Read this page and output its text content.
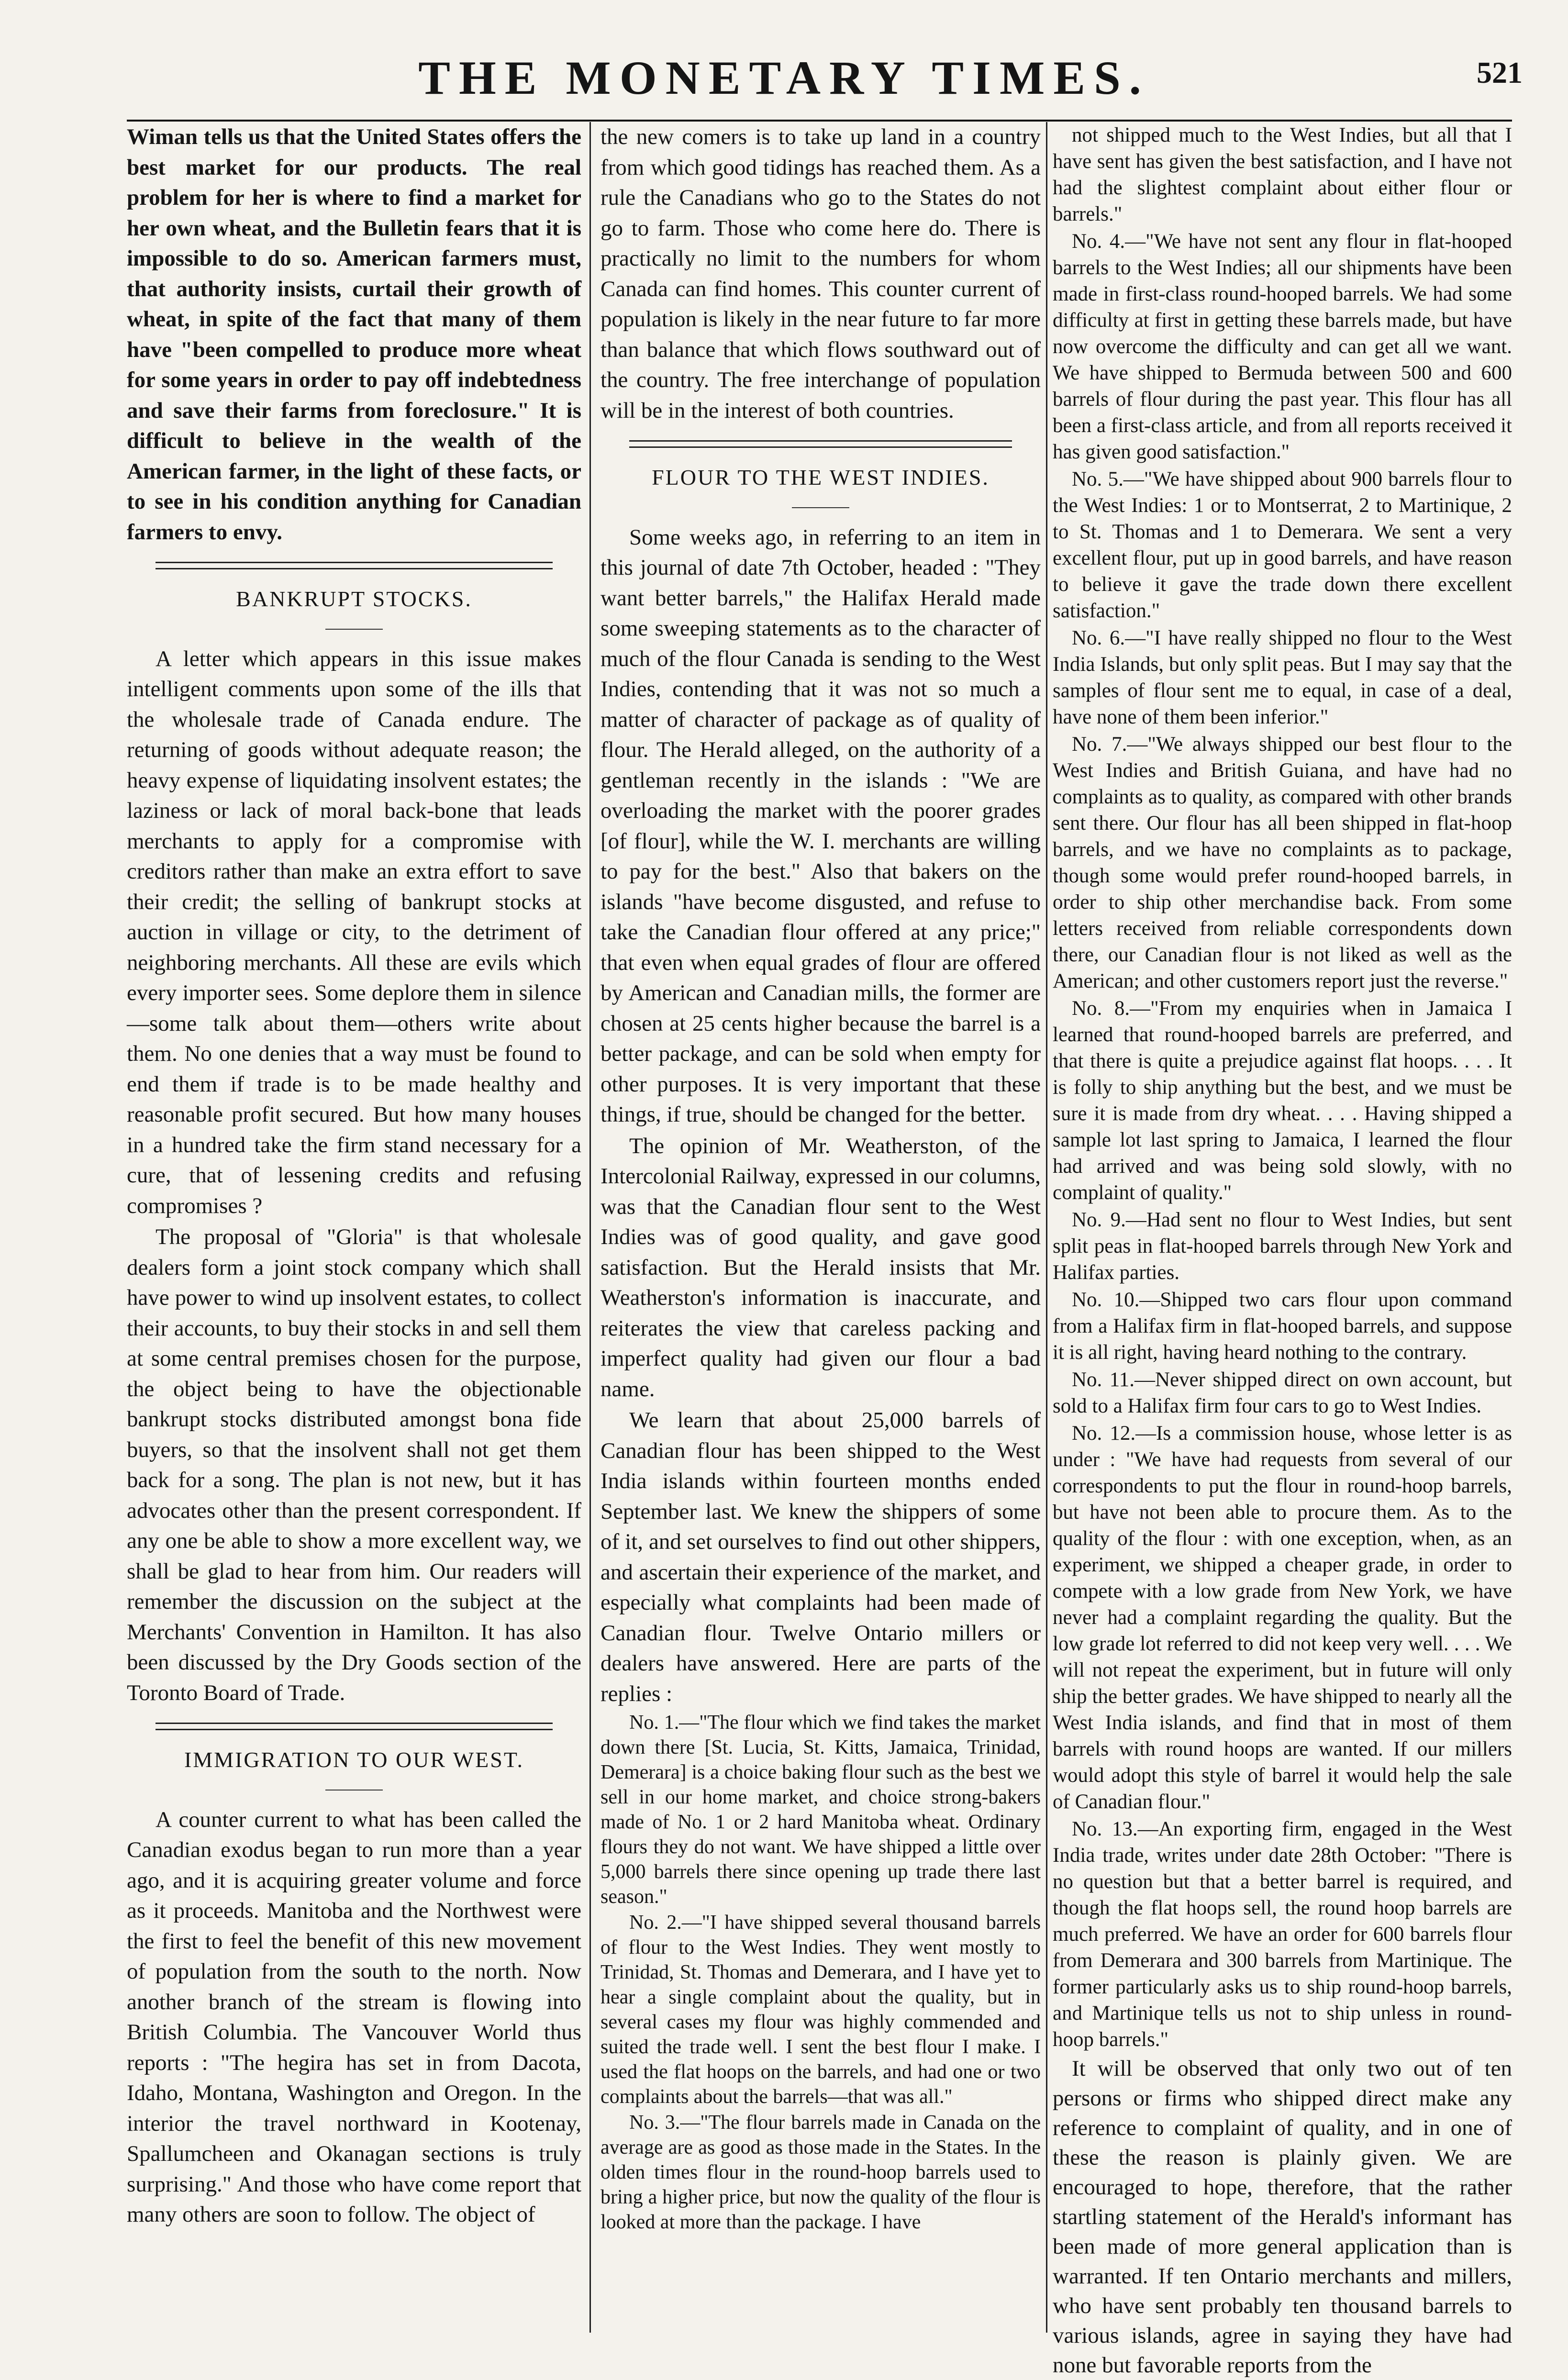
THE MONETARY TIMES.	521

Wiman tells us that the United States offers the best market for our products. The real problem for her is where to find a market for her own wheat, and the Bulletin fears that it is impossible to do so. American farmers must, that authority insists, curtail their growth of wheat, in spite of the fact that many of them have "been compelled to produce more wheat for some years in order to pay off indebtedness and save their farms from foreclosure." It is difficult to believe in the wealth of the American farmer, in the light of these facts, or to see in his condition anything for Canadian farmers to envy.

BANKRUPT STOCKS.

A letter which appears in this issue makes intelligent comments upon some of the ills that the wholesale trade of Canada endure. The returning of goods without adequate reason; the heavy expense of liquidating insolvent estates; the laziness or lack of moral back-bone that leads merchants to apply for a compromise with creditors rather than make an extra effort to save their credit; the selling of bankrupt stocks at auction in village or city, to the detriment of neighboring merchants. All these are evils which every importer sees. Some deplore them in silence—some talk about them—others write about them. No one denies that a way must be found to end them if trade is to be made healthy and reasonable profit secured. But how many houses in a hundred take the firm stand necessary for a cure, that of lessening credits and refusing compromises ?

The proposal of "Gloria" is that wholesale dealers form a joint stock company which shall have power to wind up insolvent estates, to collect their accounts, to buy their stocks in and sell them at some central premises chosen for the purpose, the object being to have the objectionable bankrupt stocks distributed amongst bona fide buyers, so that the insolvent shall not get them back for a song. The plan is not new, but it has advocates other than the present correspondent. If any one be able to show a more excellent way, we shall be glad to hear from him. Our readers will remember the discussion on the subject at the Merchants' Convention in Hamilton. It has also been discussed by the Dry Goods section of the Toronto Board of Trade.

IMMIGRATION TO OUR WEST.

A counter current to what has been called the Canadian exodus began to run more than a year ago, and it is acquiring greater volume and force as it proceeds. Manitoba and the Northwest were the first to feel the benefit of this new movement of population from the south to the north. Now another branch of the stream is flowing into British Columbia. The Vancouver World thus reports : "The hegira has set in from Dacota, Idaho, Montana, Washington and Oregon. In the interior the travel northward in Kootenay, Spallumcheen and Okanagan sections is truly surprising." And those who have come report that many others are soon to follow. The object of

the new comers is to take up land in a country from which good tidings has reached them. As a rule the Canadians who go to the States do not go to farm. Those who come here do. There is practically no limit to the numbers for whom Canada can find homes. This counter current of population is likely in the near future to far more than balance that which flows southward out of the country. The free interchange of population will be in the interest of both countries.

FLOUR TO THE WEST INDIES.

Some weeks ago, in referring to an item in this journal of date 7th October, headed : "They want better barrels," the Halifax Herald made some sweeping statements as to the character of much of the flour Canada is sending to the West Indies, contending that it was not so much a matter of character of package as of quality of flour. The Herald alleged, on the authority of a gentleman recently in the islands : "We are overloading the market with the poorer grades [of flour], while the W. I. merchants are willing to pay for the best." Also that bakers on the islands "have become disgusted, and refuse to take the Canadian flour offered at any price;" that even when equal grades of flour are offered by American and Canadian mills, the former are chosen at 25 cents higher because the barrel is a better package, and can be sold when empty for other purposes. It is very important that these things, if true, should be changed for the better.

The opinion of Mr. Weatherston, of the Intercolonial Railway, expressed in our columns, was that the Canadian flour sent to the West Indies was of good quality, and gave good satisfaction. But the Herald insists that Mr. Weatherston's information is inaccurate, and reiterates the view that careless packing and imperfect quality had given our flour a bad name.

We learn that about 25,000 barrels of Canadian flour has been shipped to the West India islands within fourteen months ended September last. We knew the shippers of some of it, and set ourselves to find out other shippers, and ascertain their experience of the market, and especially what complaints had been made of Canadian flour. Twelve Ontario millers or dealers have answered. Here are parts of the replies :

No. 1.—"The flour which we find takes the market down there [St. Lucia, St. Kitts, Jamaica, Trinidad, Demerara] is a choice baking flour such as the best we sell in our home market, and choice strong-bakers made of No. 1 or 2 hard Manitoba wheat. Ordinary flours they do not want. We have shipped a little over 5,000 barrels there since opening up trade there last season."

No. 2.—"I have shipped several thousand barrels of flour to the West Indies. They went mostly to Trinidad, St. Thomas and Demerara, and I have yet to hear a single complaint about the quality, but in several cases my flour was highly commended and suited the trade well. I sent the best flour I make. I used the flat hoops on the barrels, and had one or two complaints about the barrels—that was all."

No. 3.—"The flour barrels made in Canada on the average are as good as those made in the States. In the olden times flour in the round-hoop barrels used to bring a higher price, but now the quality of the flour is looked at more than the package. I have

not shipped much to the West Indies, but all that I have sent has given the best satisfaction, and I have not had the slightest complaint about either flour or barrels."

No. 4.—"We have not sent any flour in flat-hooped barrels to the West Indies; all our shipments have been made in first-class round-hooped barrels. We had some difficulty at first in getting these barrels made, but have now overcome the difficulty and can get all we want. We have shipped to Bermuda between 500 and 600 barrels of flour during the past year. This flour has all been a first-class article, and from all reports received it has given good satisfaction."

No. 5.—"We have shipped about 900 barrels flour to the West Indies: 1 or to Montserrat, 2 to Martinique, 2 to St. Thomas and 1 to Demerara. We sent a very excellent flour, put up in good barrels, and have reason to believe it gave the trade down there excellent satisfaction."

No. 6.—"I have really shipped no flour to the West India Islands, but only split peas. But I may say that the samples of flour sent me to equal, in case of a deal, have none of them been inferior."

No. 7.—"We always shipped our best flour to the West Indies and British Guiana, and have had no complaints as to quality, as compared with other brands sent there. Our flour has all been shipped in flat-hoop barrels, and we have no complaints as to package, though some would prefer round-hooped barrels, in order to ship other merchandise back. From some letters received from reliable correspondents down there, our Canadian flour is not liked as well as the American; and other customers report just the reverse."

No. 8.—"From my enquiries when in Jamaica I learned that round-hooped barrels are preferred, and that there is quite a prejudice against flat hoops. . . . It is folly to ship anything but the best, and we must be sure it is made from dry wheat. . . . Having shipped a sample lot last spring to Jamaica, I learned the flour had arrived and was being sold slowly, with no complaint of quality."

No. 9.—Had sent no flour to West Indies, but sent split peas in flat-hooped barrels through New York and Halifax parties.

No. 10.—Shipped two cars flour upon command from a Halifax firm in flat-hooped barrels, and suppose it is all right, having heard nothing to the contrary.

No. 11.—Never shipped direct on own account, but sold to a Halifax firm four cars to go to West Indies.

No. 12.—Is a commission house, whose letter is as under : "We have had requests from several of our correspondents to put the flour in round-hoop barrels, but have not been able to procure them. As to the quality of the flour : with one exception, when, as an experiment, we shipped a cheaper grade, in order to compete with a low grade from New York, we have never had a complaint regarding the quality. But the low grade lot referred to did not keep very well. . . . We will not repeat the experiment, but in future will only ship the better grades. We have shipped to nearly all the West India islands, and find that in most of them barrels with round hoops are wanted. If our millers would adopt this style of barrel it would help the sale of Canadian flour."

No. 13.—An exporting firm, engaged in the West India trade, writes under date 28th October: "There is no question but that a better barrel is required, and though the flat hoops sell, the round hoop barrels are much preferred. We have an order for 600 barrels flour from Demerara and 300 barrels from Martinique. The former particularly asks us to ship round-hoop barrels, and Martinique tells us not to ship unless in round-hoop barrels."

It will be observed that only two out of ten persons or firms who shipped direct make any reference to complaint of quality, and in one of these the reason is plainly given. We are encouraged to hope, therefore, that the rather startling statement of the Herald's informant has been made of more general application than is warranted. If ten Ontario merchants and millers, who have sent probably ten thousand barrels to various islands, agree in saying they have had none but favorable reports from the
